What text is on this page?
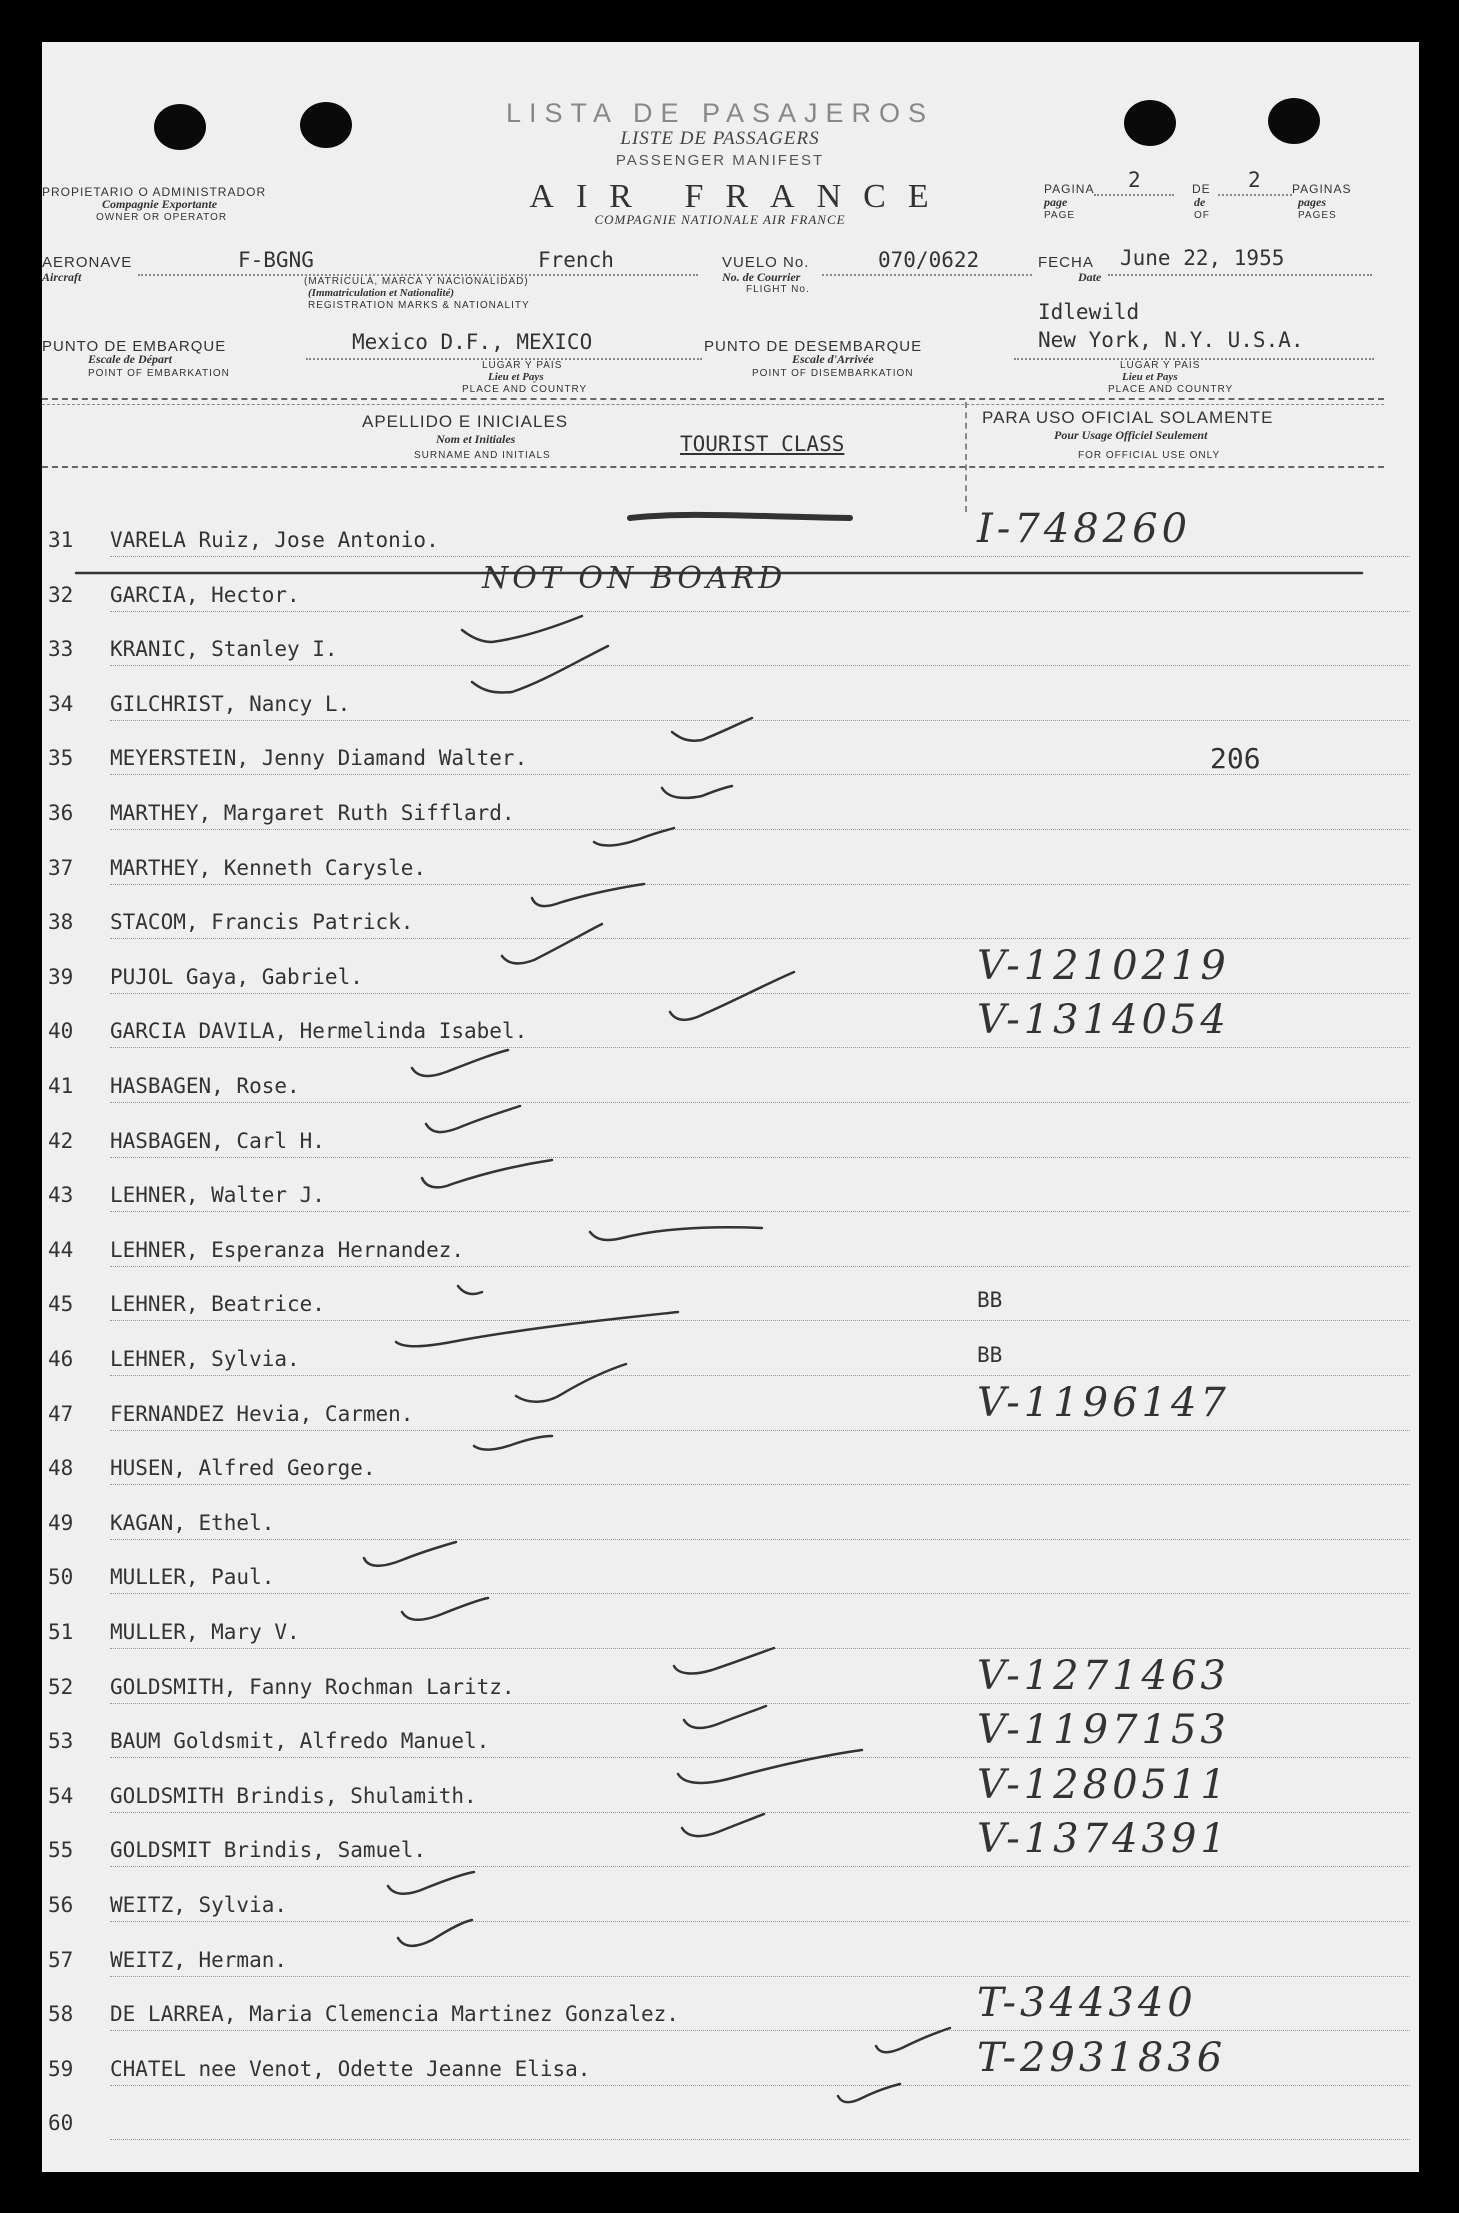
LISTA DE PASAJEROS
LISTE DE PASSAGERS
PASSENGER MANIFEST
AIR FRANCE
COMPAGNIE NATIONALE AIR FRANCE
PROPIETARIO O ADMINISTRADOR
Compagnie Exportante
OWNER OR OPERATOR
PAGINA
page
PAGE
2	DE
de
OF
2	PAGINAS
pages
PAGES
AERONAVE
Aircraft
F-BGNG	French
(MATRICULA, MARCA Y NACIONALIDAD)
(Immatriculation et Nationalité)
REGISTRATION MARKS & NATIONALITY
VUELO No.
No. de Courrier
FLIGHT No.
070/0622	FECHA
Date
June 22, 1955
Idlewild
PUNTO DE EMBARQUE
Escale de Départ
POINT OF EMBARKATION
Mexico D.F., MEXICO
LUGAR Y PAIS
Lieu et Pays
PLACE AND COUNTRY
PUNTO DE DESEMBARQUE
Escale d'Arrivée
POINT OF DISEMBARKATION
New York, N.Y. U.S.A.
LUGAR Y PAIS
Lieu et Pays
PLACE AND COUNTRY
APELLIDO E INICIALES
Nom et Initiales
SURNAME AND INITIALS	TOURIST CLASS
PARA USO OFICIAL SOLAMENTE
Pour Usage Officiel Seulement
FOR OFFICIAL USE ONLY
31 VARELA Ruiz, Jose Antonio.	I-748260
32 GARCIA, Hector.	NOT ON BOARD
33 KRANIC, Stanley I.
34 GILCHRIST, Nancy L.
35 MEYERSTEIN, Jenny Diamand Walter.	206
36 MARTHEY, Margaret Ruth Sifflard.
37 MARTHEY, Kenneth Carysle.
38 STACOM, Francis Patrick.
39 PUJOL Gaya, Gabriel.	V-1210219
40 GARCIA DAVILA, Hermelinda Isabel.	V-1314054
41 HASBAGEN, Rose.
42 HASBAGEN, Carl H.
43 LEHNER, Walter J.
44 LEHNER, Esperanza Hernandez.
45 LEHNER, Beatrice.	BB
46 LEHNER, Sylvia.	BB
47 FERNANDEZ Hevia, Carmen.	V-1196147
48 HUSEN, Alfred George.
49 KAGAN, Ethel.
50 MULLER, Paul.
51 MULLER, Mary V.
52 GOLDSMITH, Fanny Rochman Laritz.	V-1271463
53 BAUM Goldsmit, Alfredo Manuel.	V-1197153
54 GOLDSMITH Brindis, Shulamith.	V-1280511
55 GOLDSMIT Brindis, Samuel.	V-1374391
56 WEITZ, Sylvia.
57 WEITZ, Herman.
58 DE LARREA, Maria Clemencia Martinez Gonzalez.	T-344340
59 CHATEL nee Venot, Odette Jeanne Elisa.	T-2931836
60
